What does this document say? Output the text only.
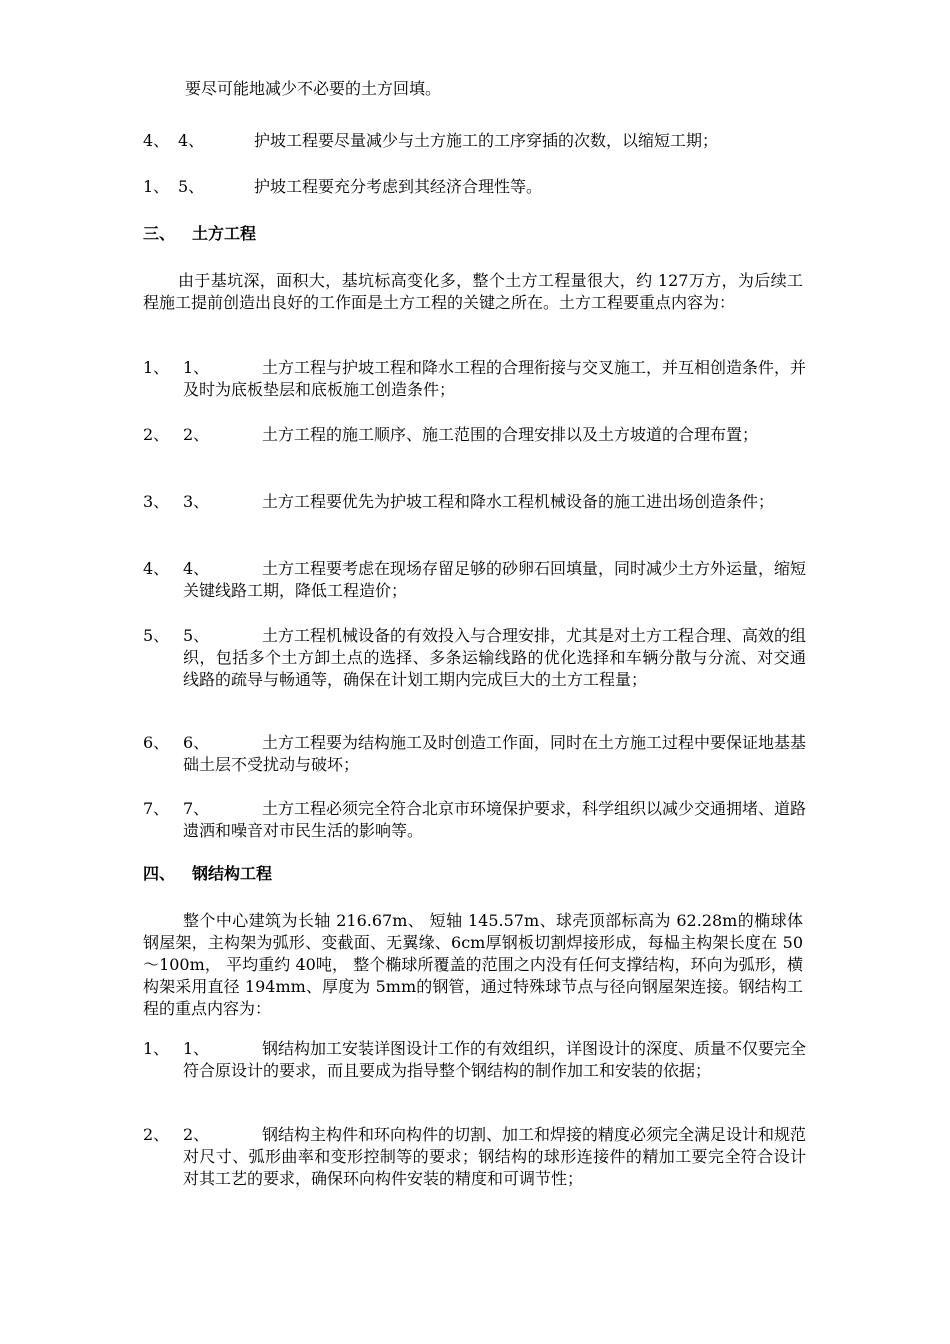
要尽可能地减少不必要的土方回填。
4、 4、	护坡工程要尽量减少与土方施工的工序穿插的次数，以缩短工期；
1、 5、	护坡工程要充分考虑到其经济合理性等。
三、 土方工程
由于基坑深，面积大，基坑标高变化多，整个土方工程量很大，约 127万方，为后续工程施工提前创造出良好的工作面是土方工程的关键之所在。土方工程要重点内容为：
1、 1、	土方工程与护坡工程和降水工程的合理衔接与交叉施工，并互相创造条件，并及时为底板垫层和底板施工创造条件；
2、 2、	土方工程的施工顺序、施工范围的合理安排以及土方坡道的合理布置；
3、 3、	土方工程要优先为护坡工程和降水工程机械设备的施工进出场创造条件；
4、 4、	土方工程要考虑在现场存留足够的砂卵石回填量，同时减少土方外运量，缩短关键线路工期，降低工程造价；
5、 5、	土方工程机械设备的有效投入与合理安排，尤其是对土方工程合理、高效的组织，包括多个土方卸土点的选择、多条运输线路的优化选择和车辆分散与分流、对交通线路的疏导与畅通等，确保在计划工期内完成巨大的土方工程量；
6、 6、	土方工程要为结构施工及时创造工作面，同时在土方施工过程中要保证地基基础土层不受扰动与破坏；
7、 7、	土方工程必须完全符合北京市环境保护要求，科学组织以减少交通拥堵、道路遗洒和噪音对市民生活的影响等。
四、 钢结构工程
整个中心建筑为长轴 216.67m、 短轴 145.57m、球壳顶部标高为 62.28m的椭球体钢屋架，主构架为弧形、变截面、无翼缘、6cm厚钢板切割焊接形成，每榀主构架长度在 50～100m， 平均重约 40吨， 整个椭球所覆盖的范围之内没有任何支撑结构，环向为弧形，横构架采用直径 194mm、厚度为 5mm的钢管，通过特殊球节点与径向钢屋架连接。钢结构工程的重点内容为：
1、 1、	钢结构加工安装详图设计工作的有效组织，详图设计的深度、质量不仅要完全符合原设计的要求，而且要成为指导整个钢结构的制作加工和安装的依据；
2、 2、	钢结构主构件和环向构件的切割、加工和焊接的精度必须完全满足设计和规范对尺寸、弧形曲率和变形控制等的要求；钢结构的球形连接件的精加工要完全符合设计对其工艺的要求，确保环向构件安装的精度和可调节性；
